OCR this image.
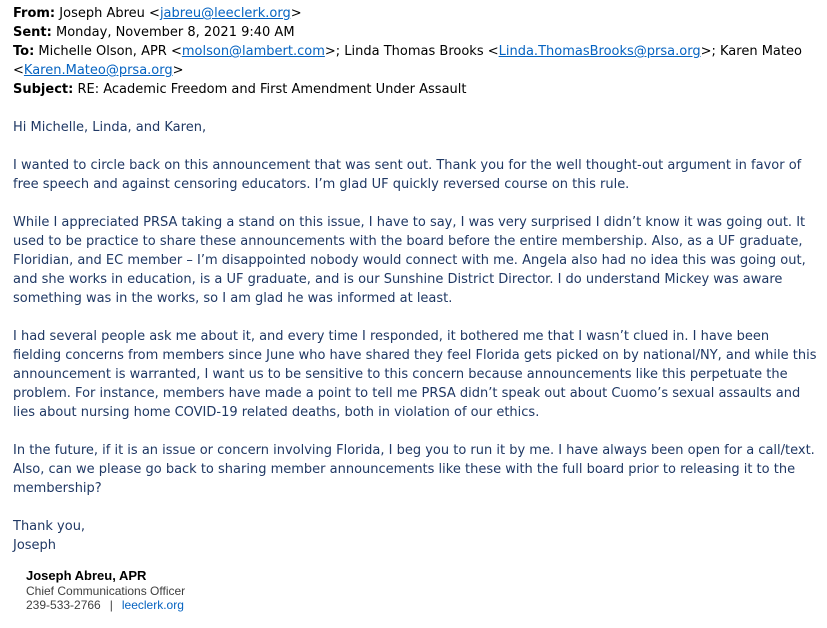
From: Joseph Abreu <jabreu@leeclerk.org>
Sent: Monday, November 8, 2021 9:40 AM
To: Michelle Olson, APR <molson@lambert.com>; Linda Thomas Brooks <Linda.ThomasBrooks@prsa.org>; Karen Mateo <Karen.Mateo@prsa.org>
Subject: RE: Academic Freedom and First Amendment Under Assault

Hi Michelle, Linda, and Karen,

I wanted to circle back on this announcement that was sent out. Thank you for the well thought-out argument in favor of free speech and against censoring educators. I’m glad UF quickly reversed course on this rule.

While I appreciated PRSA taking a stand on this issue, I have to say, I was very surprised I didn’t know it was going out. It used to be practice to share these announcements with the board before the entire membership. Also, as a UF graduate, Floridian, and EC member – I’m disappointed nobody would connect with me. Angela also had no idea this was going out, and she works in education, is a UF graduate, and is our Sunshine District Director. I do understand Mickey was aware something was in the works, so I am glad he was informed at least.

I had several people ask me about it, and every time I responded, it bothered me that I wasn’t clued in. I have been fielding concerns from members since June who have shared they feel Florida gets picked on by national/NY, and while this announcement is warranted, I want us to be sensitive to this concern because announcements like this perpetuate the problem. For instance, members have made a point to tell me PRSA didn’t speak out about Cuomo’s sexual assaults and lies about nursing home COVID-19 related deaths, both in violation of our ethics.

In the future, if it is an issue or concern involving Florida, I beg you to run it by me. I have always been open for a call/text. Also, can we please go back to sharing member announcements like these with the full board prior to releasing it to the membership?

Thank you,

Joseph

Joseph Abreu, APR
Chief Communications Officer
239-533-2766 | leeclerk.org
